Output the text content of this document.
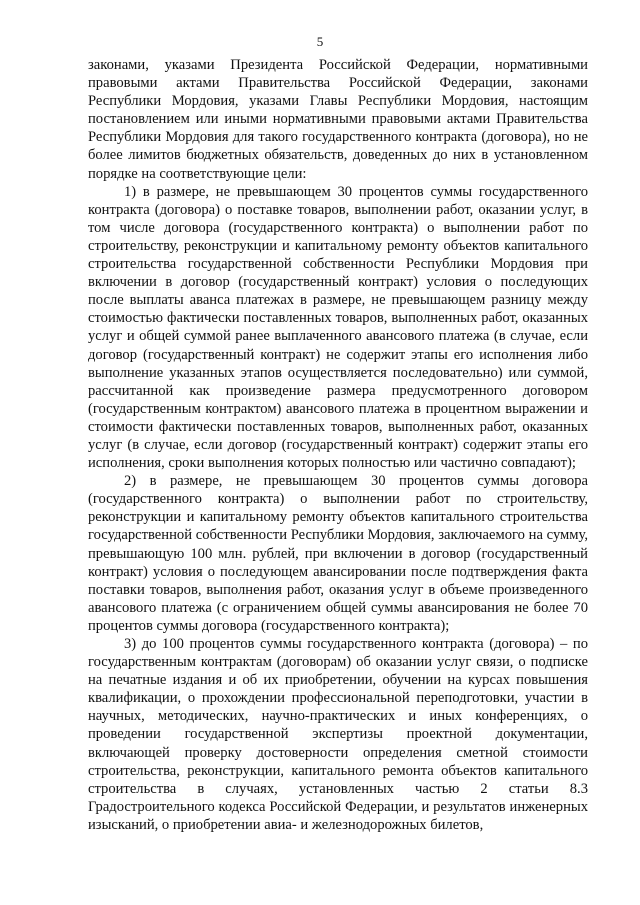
5

законами, указами Президента Российской Федерации, нормативными правовыми актами Правительства Российской Федерации, законами Республики Мордовия, указами Главы Республики Мордовия, настоящим постановлением или иными нормативными правовыми актами Правительства Республики Мордовия для такого государственного контракта (договора), но не более лимитов бюджетных обязательств, доведенных до них в установленном порядке на соответствующие цели:

1) в размере, не превышающем 30 процентов суммы государственного контракта (договора) о поставке товаров, выполнении работ, оказании услуг, в том числе договора (государственного контракта) о выполнении работ по строительству, реконструкции и капитальному ремонту объектов капитального строительства государственной собственности Республики Мордовия при включении в договор (государственный контракт) условия о последующих после выплаты аванса платежах в размере, не превышающем разницу между стоимостью фактически поставленных товаров, выполненных работ, оказанных услуг и общей суммой ранее выплаченного авансового платежа (в случае, если договор (государственный контракт) не содержит этапы его исполнения либо выполнение указанных этапов осуществляется последовательно) или суммой, рассчитанной как произведение размера предусмотренного договором (государственным контрактом) авансового платежа в процентном выражении и стоимости фактически поставленных товаров, выполненных работ, оказанных услуг (в случае, если договор (государственный контракт) содержит этапы его исполнения, сроки выполнения которых полностью или частично совпадают);

2) в размере, не превышающем 30 процентов суммы договора (государственного контракта) о выполнении работ по строительству, реконструкции и капитальному ремонту объектов капитального строительства государственной собственности Республики Мордовия, заключаемого на сумму, превышающую 100 млн. рублей, при включении в договор (государственный контракт) условия о последующем авансировании после подтверждения факта поставки товаров, выполнения работ, оказания услуг в объеме произведенного авансового платежа (с ограничением общей суммы авансирования не более 70 процентов суммы договора (государственного контракта);

3) до 100 процентов суммы государственного контракта (договора) – по государственным контрактам (договорам) об оказании услуг связи, о подписке на печатные издания и об их приобретении, обучении на курсах повышения квалификации, о прохождении профессиональной переподготовки, участии в научных, методических, научно-практических и иных конференциях, о проведении государственной экспертизы проектной документации, включающей проверку достоверности определения сметной стоимости строительства, реконструкции, капитального ремонта объектов капитального строительства в случаях, установленных частью 2 статьи 8.3 Градостроительного кодекса Российской Федерации, и результатов инженерных изысканий, о приобретении авиа- и железнодорожных билетов,
